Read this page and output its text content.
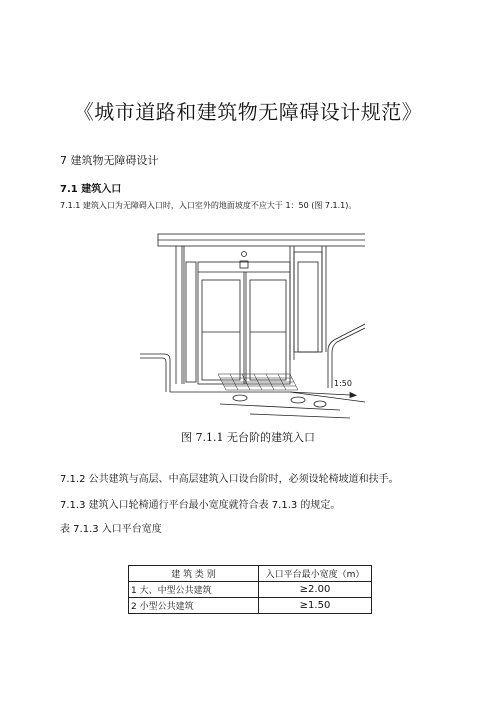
《城市道路和建筑物无障碍设计规范》
7 建筑物无障碍设计
7.1 建筑入口
7.1.1 建筑入口为无障碍入口时，入口室外的地面坡度不应大于 1：50 (图 7.1.1)。
1:50
图 7.1.1 无台阶的建筑入口
7.1.2 公共建筑与高层、中高层建筑入口设台阶时，必须设轮椅坡道和扶手。
7.1.3 建筑入口轮椅通行平台最小宽度就符合表 7.1.3 的规定。
表 7.1.3 入口平台宽度
建 筑 类 别	入口平台最小宽度（m）
1 大、中型公共建筑	≥2.00
2 小型公共建筑	≥1.50
